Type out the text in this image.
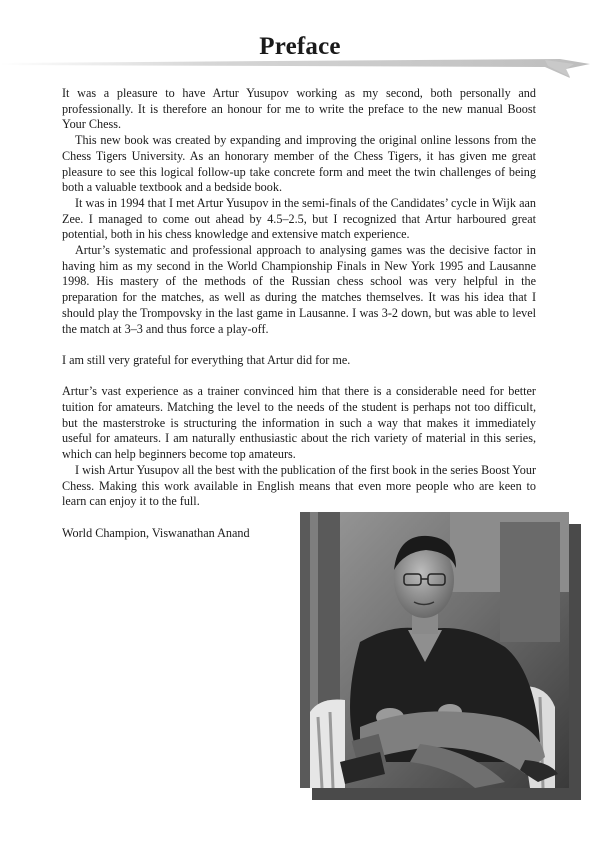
Preface

It was a pleasure to have Artur Yusupov working as my second, both personally and professionally. It is therefore an honour for me to write the preface to the new manual Boost Your Chess.

This new book was created by expanding and improving the original online lessons from the Chess Tigers University. As an honorary member of the Chess Tigers, it has given me great pleasure to see this logical follow-up take concrete form and meet the twin challenges of being both a valuable textbook and a bedside book.

It was in 1994 that I met Artur Yusupov in the semi-finals of the Candidates’ cycle in Wijk aan Zee. I managed to come out ahead by 4.5–2.5, but I recognized that Artur harboured great potential, both in his chess knowledge and extensive match experience.

Artur’s systematic and professional approach to analysing games was the decisive factor in having him as my second in the World Championship Finals in New York 1995 and Lausanne 1998. His mastery of the methods of the Russian chess school was very helpful in the preparation for the matches, as well as during the matches themselves. It was his idea that I should play the Trompovsky in the last game in Lausanne. I was 3-2 down, but was able to level the match at 3–3 and thus force a play-off.

I am still very grateful for everything that Artur did for me.

Artur’s vast experience as a trainer convinced him that there is a considerable need for better tuition for amateurs. Matching the level to the needs of the student is perhaps not too difficult, but the masterstroke is structuring the information in such a way that makes it immediately useful for amateurs. I am naturally enthusiastic about the rich variety of material in this series, which can help beginners become top amateurs.

I wish Artur Yusupov all the best with the publication of the first book in the series Boost Your Chess. Making this work available in English means that even more people who are keen to learn can enjoy it to the full.

World Champion, Viswanathan Anand
